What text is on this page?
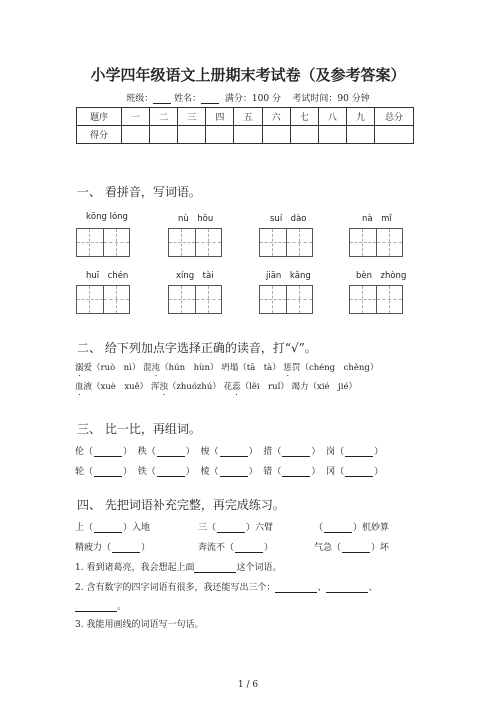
小学四年级语文上册期末考试卷（及参考答案）
班级： 姓名：	满分：100 分 考试时间：90 分钟
题序	一	二	三	四	五	六	七	八	九	总分
得分										
一、 看拼音，写词语。
kōng lóng	nù　hǒu	suí　dào	nà　mǐ
huī　chén	xíng　tài	jiān　kǎng	bèn　zhòng
二、 给下列加点字选择正确的读音，打“√”。
溺爱（ruò　nì） 混沌（hún　hùn） 坍塌（tā　tà） 惩罚（chéng　chěng）
血液（xuè　xuě） 浑浊（zhuózhú） 花蕊（lěi　ruǐ） 竭力（xié　jié）
三、 比一比，再组词。
伦（	）  秩（	）  梭（	）  措（	）  岗（	）
轮（	）  铁（	）  棱（	）  错（	）  冈（	）
四、 先把词语补充完整，再完成练习。
上（	）入地	三（	）六臂	（	）机妙算
精疲力（	）	奔流不（	）	气急（	）坏
1. 看到诸葛亮，我会想起上面	这个词语。
2. 含有数字的四字词语有很多，我还能写出三个：	、	、
。
3. 我能用画线的词语写一句话。
1 / 6
